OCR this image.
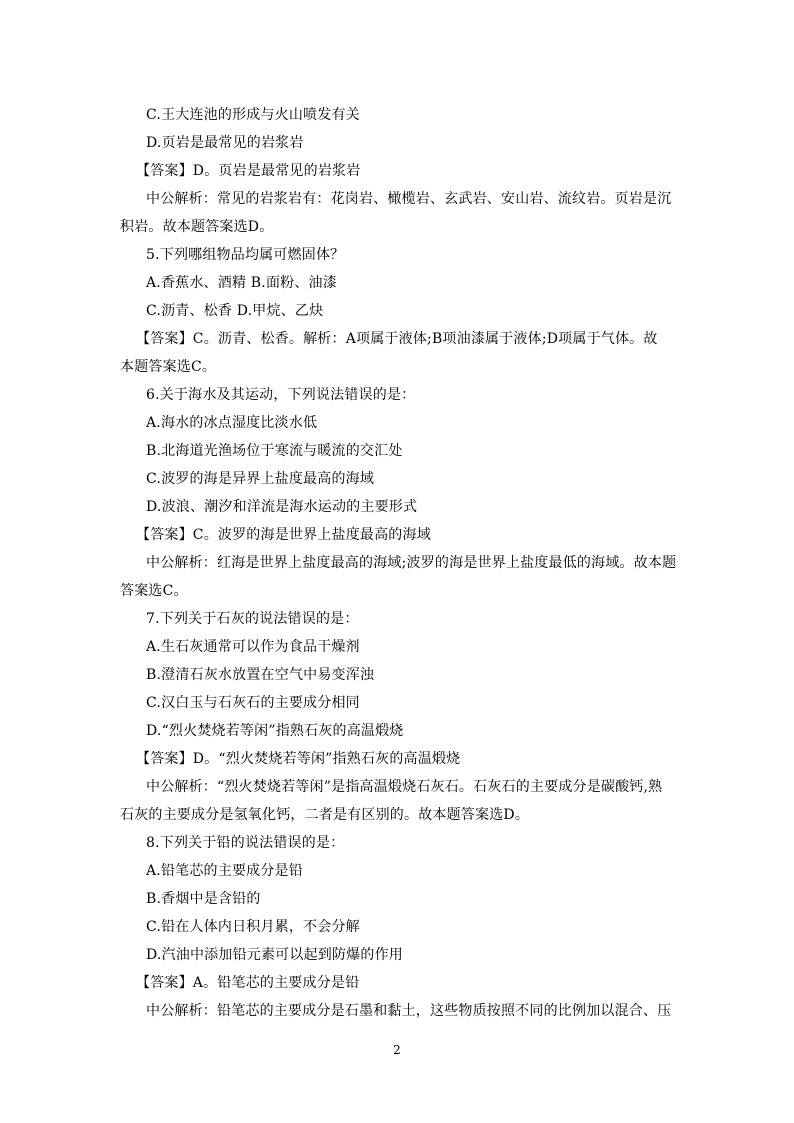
C.王大连池的形成与火山喷发有关
D.页岩是最常见的岩浆岩
【答案】D。页岩是最常见的岩浆岩
中公解析：常见的岩浆岩有：花岗岩、橄榄岩、玄武岩、安山岩、流纹岩。页岩是沉
积岩。故本题答案选D。
5.下列哪组物品均属可燃固体？
A.香蕉水、酒精 B.面粉、油漆
C.沥青、松香 D.甲烷、乙炔
【答案】C。沥青、松香。解析：A项属于液体;B项油漆属于液体;D项属于气体。故
本题答案选C。
6.关于海水及其运动，下列说法错误的是：
A.海水的冰点湿度比淡水低
B.北海道光渔场位于寒流与暖流的交汇处
C.波罗的海是异界上盐度最高的海域
D.波浪、潮汐和洋流是海水运动的主要形式
【答案】C。波罗的海是世界上盐度最高的海域
中公解析：红海是世界上盐度最高的海域;波罗的海是世界上盐度最低的海域。故本题
答案选C。
7.下列关于石灰的说法错误的是：
A.生石灰通常可以作为食品干燥剂
B.澄清石灰水放置在空气中易变浑浊
C.汉白玉与石灰石的主要成分相同
D.“烈火焚烧若等闲”指熟石灰的高温煅烧
【答案】D。“烈火焚烧若等闲”指熟石灰的高温煅烧
中公解析：“烈火焚烧若等闲”是指高温煅烧石灰石。石灰石的主要成分是碳酸钙,熟
石灰的主要成分是氢氧化钙，二者是有区别的。故本题答案选D。
8.下列关于铅的说法错误的是：
A.铅笔芯的主要成分是铅
B.香烟中是含铅的
C.铅在人体内日积月累，不会分解
D.汽油中添加铅元素可以起到防爆的作用
【答案】A。铅笔芯的主要成分是铅
中公解析：铅笔芯的主要成分是石墨和黏土，这些物质按照不同的比例加以混合、压
2
